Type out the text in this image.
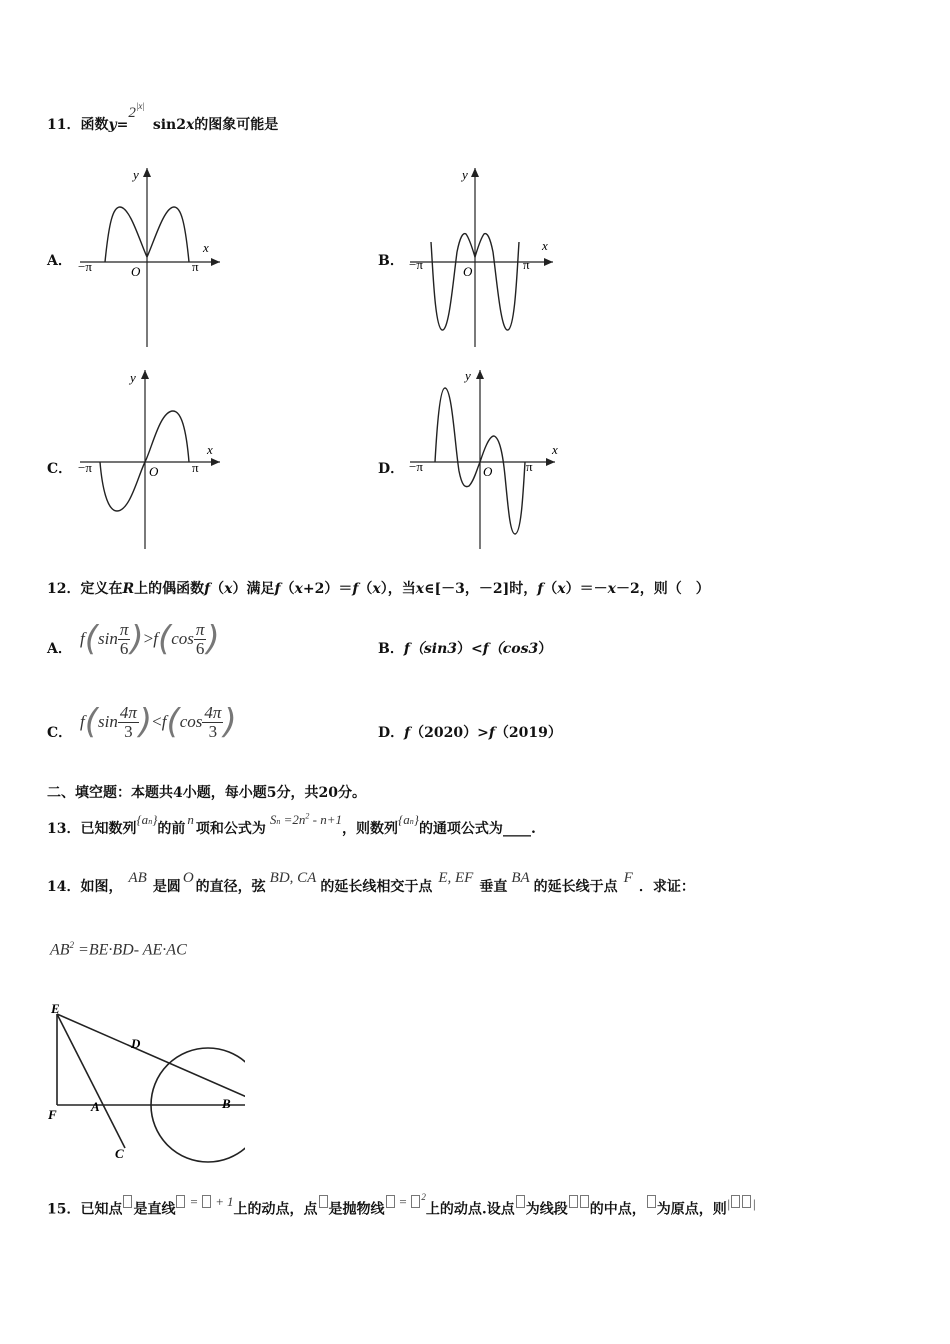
11．函数$y=2^{|x|}\sin 2x$的图象可能是
A．
y
x
O
−π	π	B．
y
x
O
−π	π
C．
y
x
O
−π	π	D．
y
x
O
−π	π
12．定义在R上的偶函数f（x）满足f（x+2）＝f（x），当x∈[－3，－2]时，f（x）＝－x－2，则（　）
A．
f ( $\sin \frac{\pi}{6}$ ) > f ( $\cos \frac{\pi}{6}$ )	B．f（sin3）<f（cos3）
C．
f ( $\sin \frac{4\pi}{3}$ ) < f ( $\cos \frac{4\pi}{3}$ )	D．f（2020）>f（2019）
二、填空题：本题共4小题，每小题5分，共20分。
13．已知数列{an}的前n项和公式为$Sn =2n^2 - n+1$，则数列{an}的通项公式为____.
14．如图，AB是圆O的直径，弦BD, CA的延长线相交于点E, EF垂直BA的延长线于点F．求证：
$AB^2 =BE\cdot BD-$ AE·AC
E
D
F
A	B
C
15．已知点 是直线= + 1上的动点，点 是抛物线= $^2$上的动点.设点 为线段 的中点， 为原点，则| |
